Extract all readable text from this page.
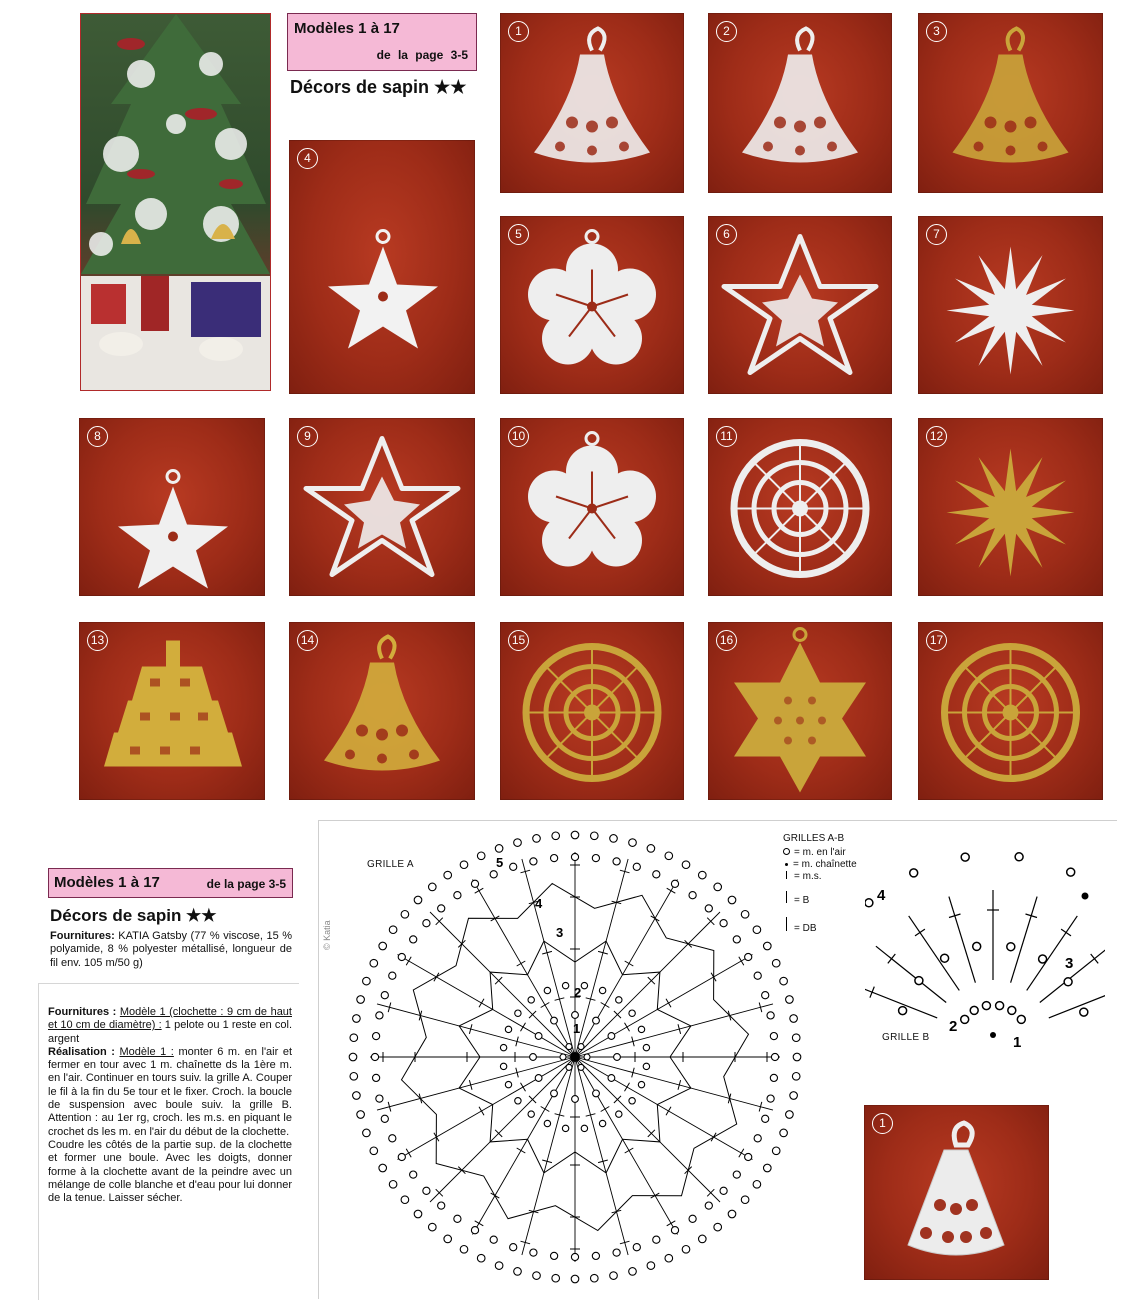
Modèles 1 à 17
de la page 3-5
Décors de sapin ★★
1	2	3
4
5	6	7
8	9	10	11	12
13	14	15	16	17
Modèles 1 à 17	de la page 3-5
Décors de sapin ★★
Fournitures: KATIA Gatsby (77 % viscose, 15 % polyamide, 8 % polyester métallisé, longueur de fil env. 105 m/50 g)
Fournitures : Modèle 1 (clochette : 9 cm de haut et 10 cm de diamètre) : 1 pelote ou 1 reste en col. argent
Réalisation : Modèle 1 : monter 6 m. en l'air et fermer en tour avec 1 m. chaînette ds la 1ère m. en l'air. Continuer en tours suiv. la grille A. Couper le fil à la fin du 5e tour et le fixer. Croch. la boucle de suspension avec boule suiv. la grille B. Attention : au 1er rg, croch. les m.s. en piquant le crochet ds les m. en l'air du début de la clochette.
Coudre les côtés de la partie sup. de la clochette et former une boule. Avec les doigts, donner forme à la clochette avant de la peindre avec un mélange de colle blanche et d'eau pour lui donner de la tenue. Laisser sécher.
GRILLE A
GRILLE B
© Katia
GRILLES A-B
= m. en l'air
= m. chaînette
= m.s.
= B
= DB
1
2
3
4
5
1
2
3
4
1
